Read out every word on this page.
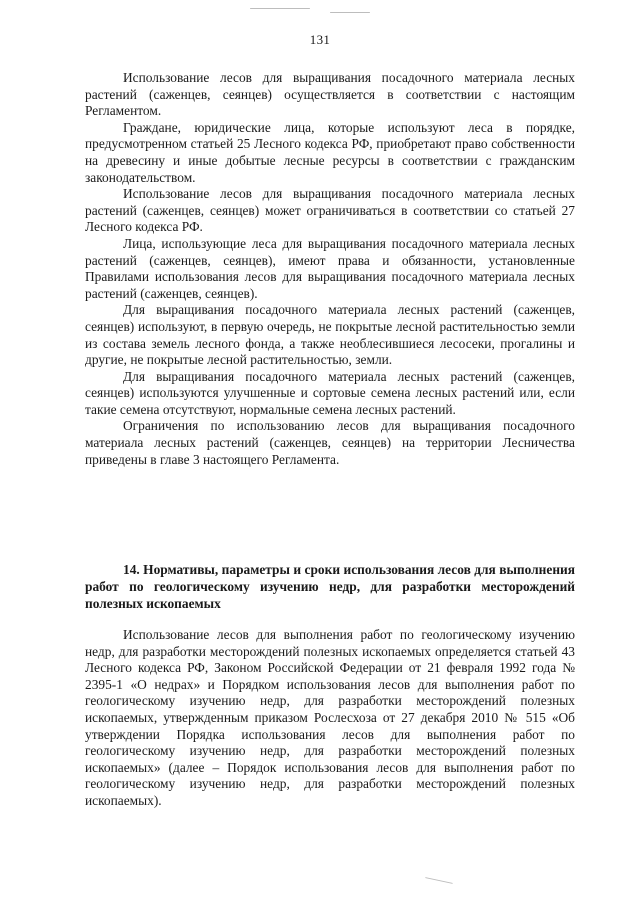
131

Использование лесов для выращивания посадочного материала лесных растений (саженцев, сеянцев) осуществляется в соответствии с настоящим Регламентом.

Граждане, юридические лица, которые используют леса в порядке, предусмотренном статьей 25 Лесного кодекса РФ, приобретают право собственности на древесину и иные добытые лесные ресурсы в соответствии с гражданским законодательством.

Использование лесов для выращивания посадочного материала лесных растений (саженцев, сеянцев) может ограничиваться в соответствии со статьей 27 Лесного кодекса РФ.

Лица, использующие леса для выращивания посадочного материала лесных растений (саженцев, сеянцев), имеют права и обязанности, установленные Правилами использования лесов для выращивания посадочного материала лесных растений (саженцев, сеянцев).

Для выращивания посадочного материала лесных растений (саженцев, сеянцев) используют, в первую очередь, не покрытые лесной растительностью земли из состава земель лесного фонда, а также необлесившиеся лесосеки, прогалины и другие, не покрытые лесной растительностью, земли.

Для выращивания посадочного материала лесных растений (саженцев, сеянцев) используются улучшенные и сортовые семена лесных растений или, если такие семена отсутствуют, нормальные семена лесных растений.

Ограничения по использованию лесов для выращивания посадочного материала лесных растений (саженцев, сеянцев) на территории Лесничества приведены в главе 3 настоящего Регламента.

14. Нормативы, параметры и сроки использования лесов для выполнения работ по геологическому изучению недр, для разработки месторождений полезных ископаемых

Использование лесов для выполнения работ по геологическому изучению недр, для разработки месторождений полезных ископаемых определяется статьей 43 Лесного кодекса РФ, Законом Российской Федерации от 21 февраля 1992 года № 2395-1 «О недрах» и Порядком использования лесов для выполнения работ по геологическому изучению недр, для разработки месторождений полезных ископаемых, утвержденным приказом Рослесхоза от 27 декабря 2010 № 515 «Об утверждении Порядка использования лесов для выполнения работ по геологическому изучению недр, для разработки месторождений полезных ископаемых» (далее – Порядок использования лесов для выполнения работ по геологическому изучению недр, для разработки месторождений полезных ископаемых).
